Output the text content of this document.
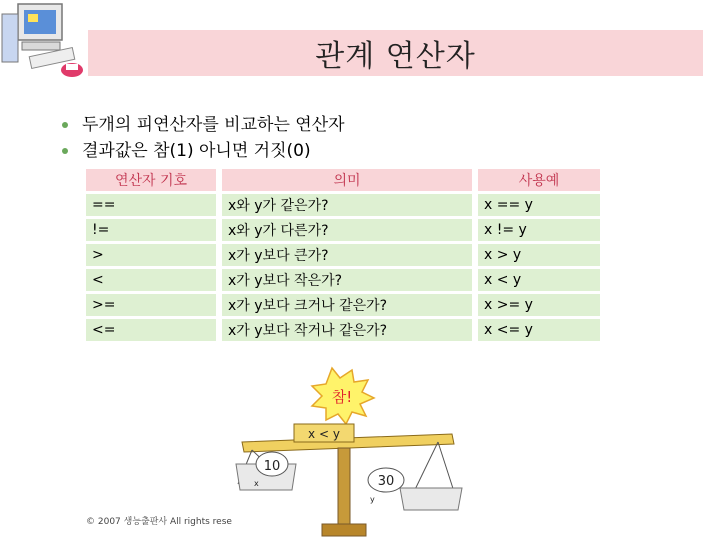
관계 연산자
두개의 피연산자를 비교하는 연산자
결과값은 참(1) 아니면 거짓(0)
연산자 기호		의미		사용예
==		x와 y가 같은가?		x == y
!=		x와 y가 다른가?		x != y
>		x가 y보다 큰가?		x > y
<		x가 y보다 작은가?		x < y
>=		x가 y보다 크거나 같은가?		x >= y
<=		x가 y보다 작거나 같은가?		x <= y
참!
x < y
10
x	30
y
© 2007 생능출판사 All rights rese
